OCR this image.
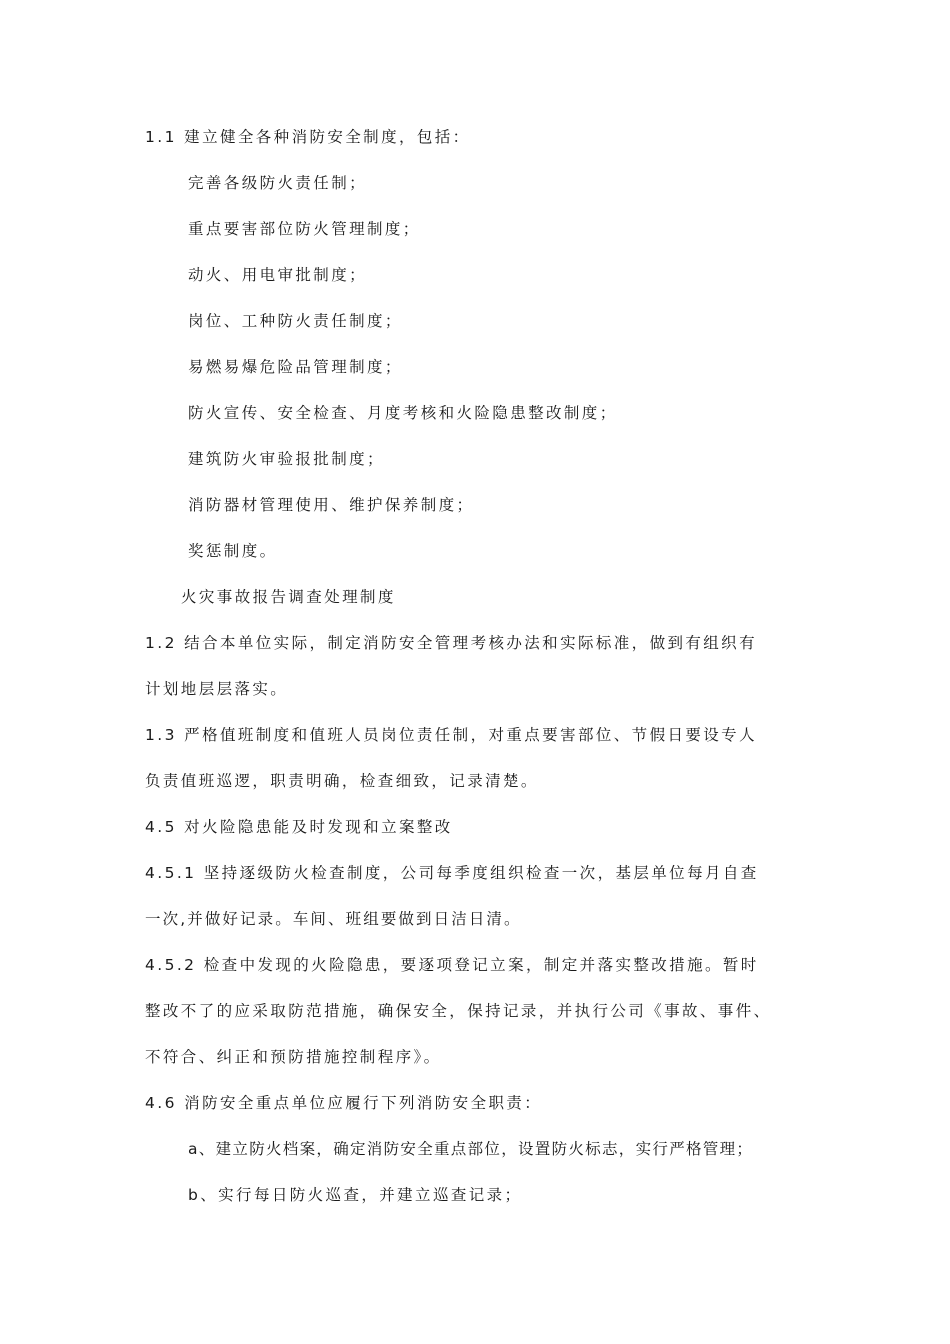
1.1 建立健全各种消防安全制度，包括：
完善各级防火责任制；
重点要害部位防火管理制度；
动火、用电审批制度；
岗位、工种防火责任制度；
易燃易爆危险品管理制度；
防火宣传、安全检查、月度考核和火险隐患整改制度；
建筑防火审验报批制度；
消防器材管理使用、维护保养制度；
奖惩制度。
火灾事故报告调查处理制度
1.2 结合本单位实际，制定消防安全管理考核办法和实际标准，做到有组织有
计划地层层落实。
1.3 严格值班制度和值班人员岗位责任制，对重点要害部位、节假日要设专人
负责值班巡逻，职责明确，检查细致，记录清楚。
4.5 对火险隐患能及时发现和立案整改
4.5.1 坚持逐级防火检查制度，公司每季度组织检查一次，基层单位每月自查
一次,并做好记录。车间、班组要做到日洁日清。
4.5.2 检查中发现的火险隐患，要逐项登记立案，制定并落实整改措施。暂时
整改不了的应采取防范措施，确保安全，保持记录，并执行公司《事故、事件、
不符合、纠正和预防措施控制程序》。
4.6 消防安全重点单位应履行下列消防安全职责：
a、建立防火档案，确定消防安全重点部位，设置防火标志，实行严格管理；
b、实行每日防火巡查，并建立巡查记录；
